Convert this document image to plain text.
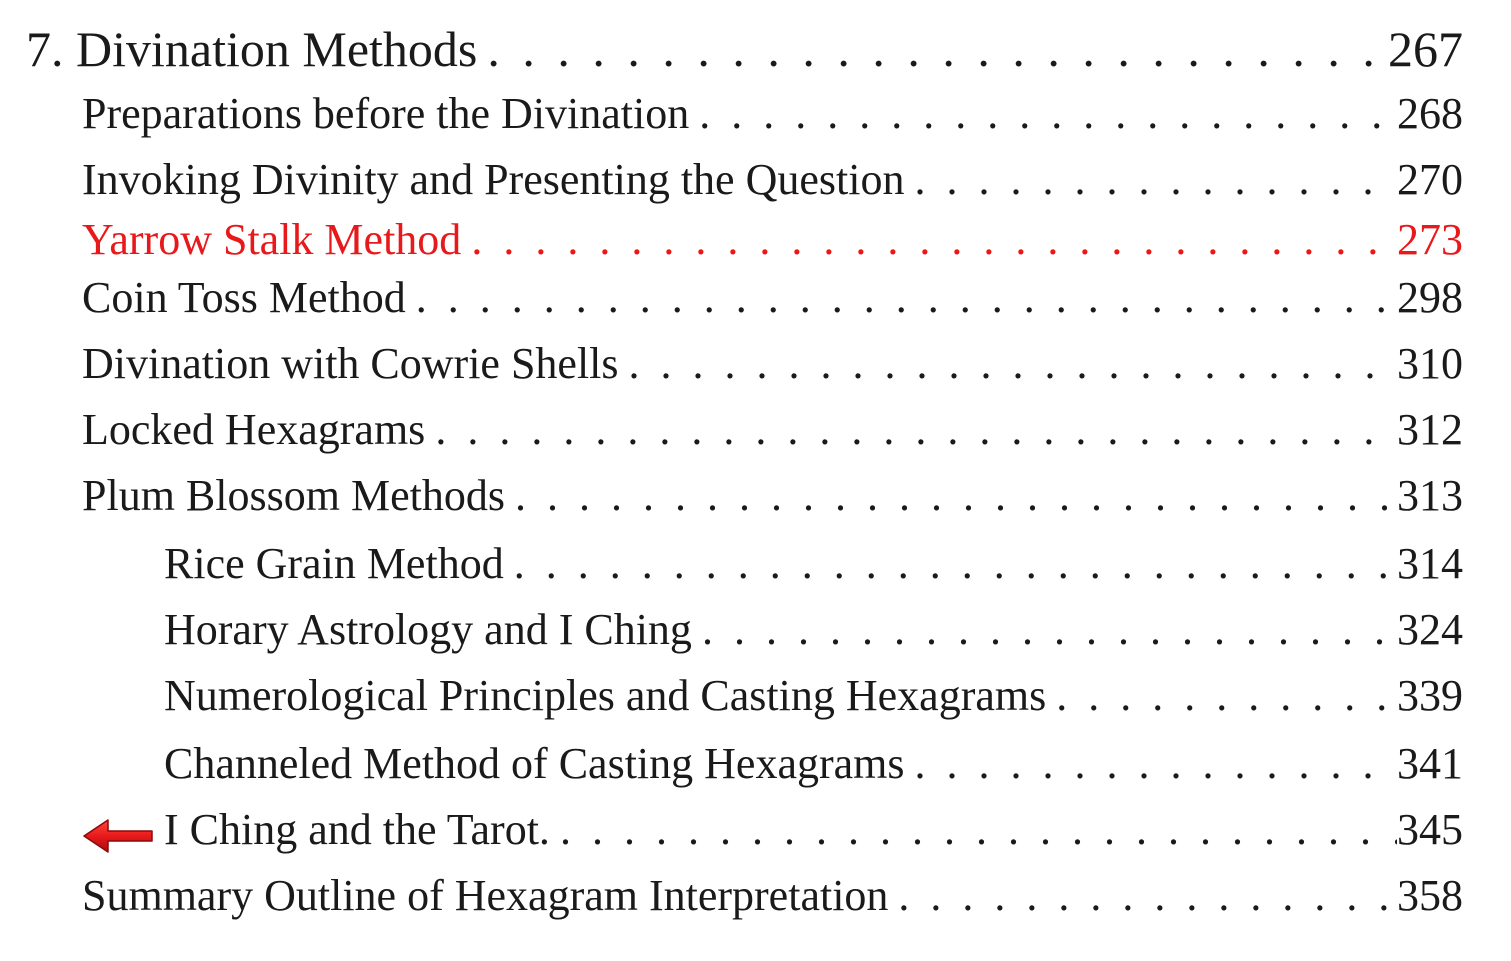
7. Divination Methods . . .	267
Preparations before the Divination . . .	268
Invoking Divinity and Presenting the Question . . .	270
Yarrow Stalk Method . . .	273
Coin Toss Method . . .	298
Divination with Cowrie Shells . . .	310
Locked Hexagrams . . .	312
Plum Blossom Methods . . .	313
Rice Grain Method . . .	314
Horary Astrology and I Ching . . .	324
Numerological Principles and Casting Hexagrams . . .	339
Channeled Method of Casting Hexagrams . . .	341
I Ching and the Tarot. . . .	345
Summary Outline of Hexagram Interpretation . . .	358
